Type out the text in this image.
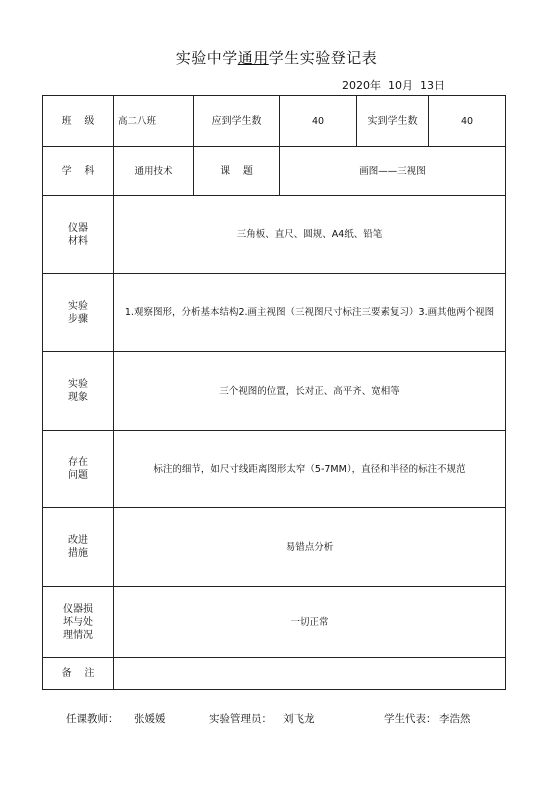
实验中学通用学生实验登记表
2020年  10月  13日
班    级	高二八班	应到学生数	40	实到学生数	40
学    科	通用技术	课    题	画图——三视图		
仪器
材料	三角板、直尺、圆规、A4纸、铅笔				
实验
步骤	1.观察图形，分析基本结构2.画主视图（三视图尺寸标注三要素复习）3.画其他两个视图				
实验
现象	三个视图的位置，长对正、高平齐、宽相等				
存在
问题	标注的细节，如尺寸线距离图形太窄（5-7MM），直径和半径的标注不规范				
改进
措施	易错点分析				
仪器损
坏与处
理情况	一切正常				
备    注					
任课教师： 张媛媛	实验管理员： 刘飞龙	学生代表： 李浩然
